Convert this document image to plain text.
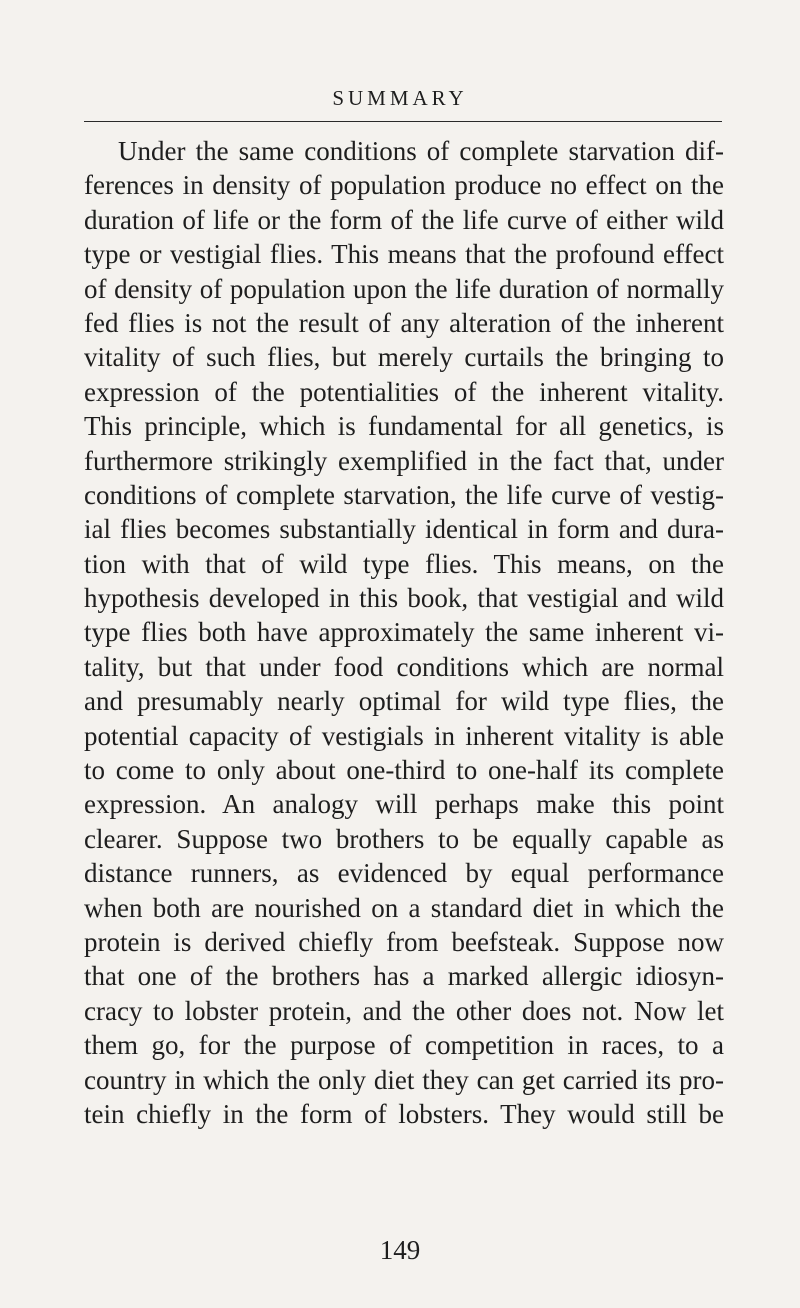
SUMMARY
Under the same conditions of complete starvation dif-
ferences in density of population produce no effect on the
duration of life or the form of the life curve of either wild
type or vestigial flies. This means that the profound effect
of density of population upon the life duration of normally
fed flies is not the result of any alteration of the inherent
vitality of such flies, but merely curtails the bringing to
expression of the potentialities of the inherent vitality.
This principle, which is fundamental for all genetics, is
furthermore strikingly exemplified in the fact that, under
conditions of complete starvation, the life curve of vestig-
ial flies becomes substantially identical in form and dura-
tion with that of wild type flies. This means, on the
hypothesis developed in this book, that vestigial and wild
type flies both have approximately the same inherent vi-
tality, but that under food conditions which are normal
and presumably nearly optimal for wild type flies, the
potential capacity of vestigials in inherent vitality is able
to come to only about one-third to one-half its complete
expression. An analogy will perhaps make this point
clearer. Suppose two brothers to be equally capable as
distance runners, as evidenced by equal performance
when both are nourished on a standard diet in which the
protein is derived chiefly from beefsteak. Suppose now
that one of the brothers has a marked allergic idiosyn-
cracy to lobster protein, and the other does not. Now let
them go, for the purpose of competition in races, to a
country in which the only diet they can get carried its pro-
tein chiefly in the form of lobsters. They would still be
149
